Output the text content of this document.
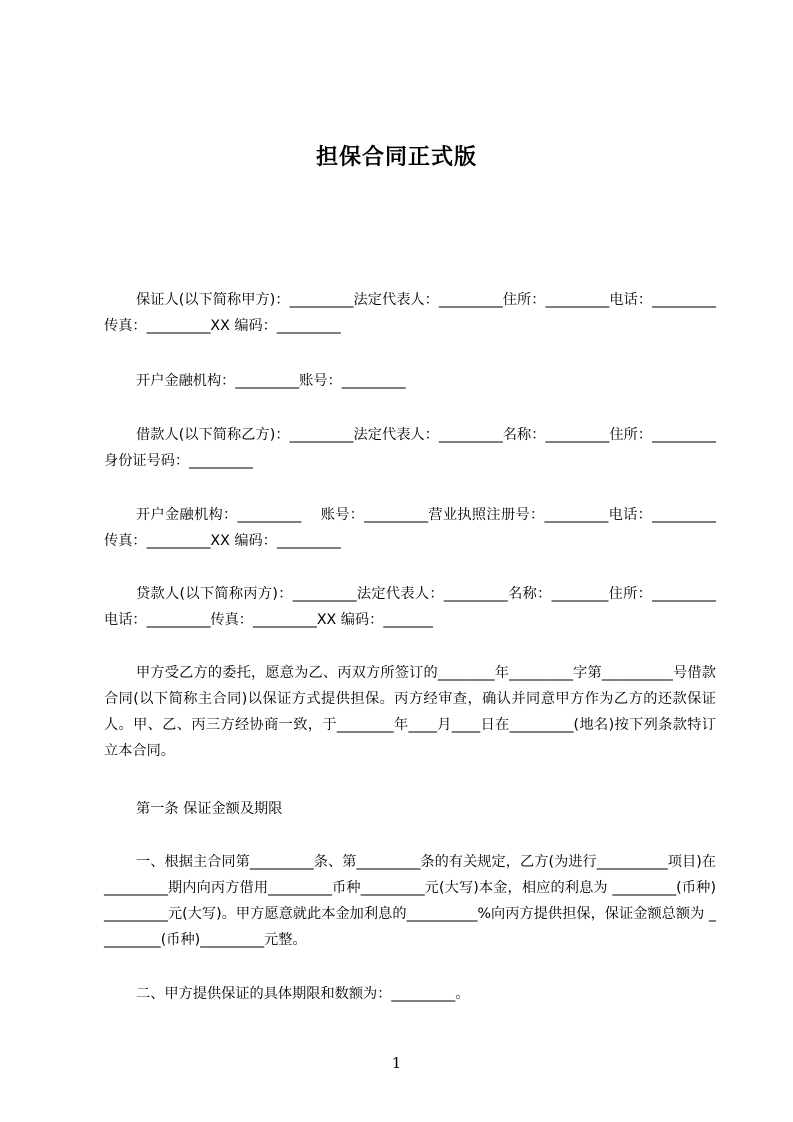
担保合同正式版
保证人(以下简称甲方)：_________法定代表人：_________住所：_________电话：_________传真：_________XX 编码：_________
开户金融机构：_________账号：_________
借款人(以下简称乙方)：_________法定代表人：_________名称：_________住所：_________身份证号码：_________
开户金融机构：_________    账号：_________营业执照注册号：_________电话：_________传真：_________XX 编码：_________
贷款人(以下简称丙方)：_________法定代表人：_________名称：________住所：_________电话：_________传真：_________XX 编码：_______
甲方受乙方的委托，愿意为乙、丙双方所签订的________年_________字第__________号借款合同(以下简称主合同)以保证方式提供担保。丙方经审查，确认并同意甲方作为乙方的还款保证人。甲、乙、丙三方经协商一致，于________年____月____日在_________(地名)按下列条款特订立本合同。
第一条 保证金额及期限
一、根据主合同第_________条、第_________条的有关规定，乙方(为进行__________项目)在_________期内向丙方借用_________币种_________元(大写)本金，相应的利息为 _________(币种)_________元(大写)。甲方愿意就此本金加利息的__________%向丙方提供担保，保证金额总额为 _________(币种)_________元整。
二、甲方提供保证的具体期限和数额为：_________。
1
